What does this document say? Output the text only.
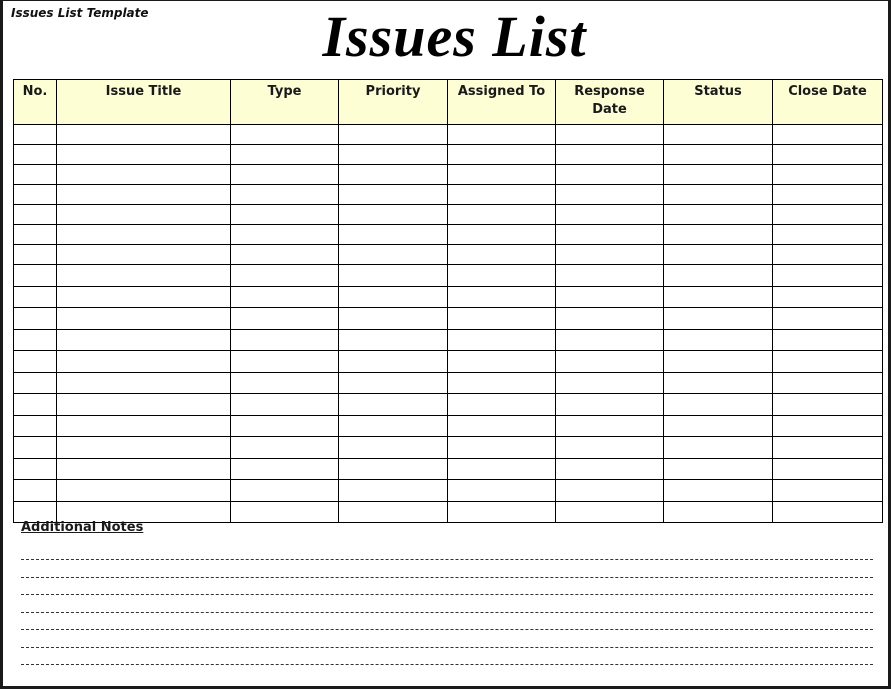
Issues List Template	Issues List
No.	Issue Title	Type	Priority	Assigned To	Response Date	Status	Close Date

Additional Notes
